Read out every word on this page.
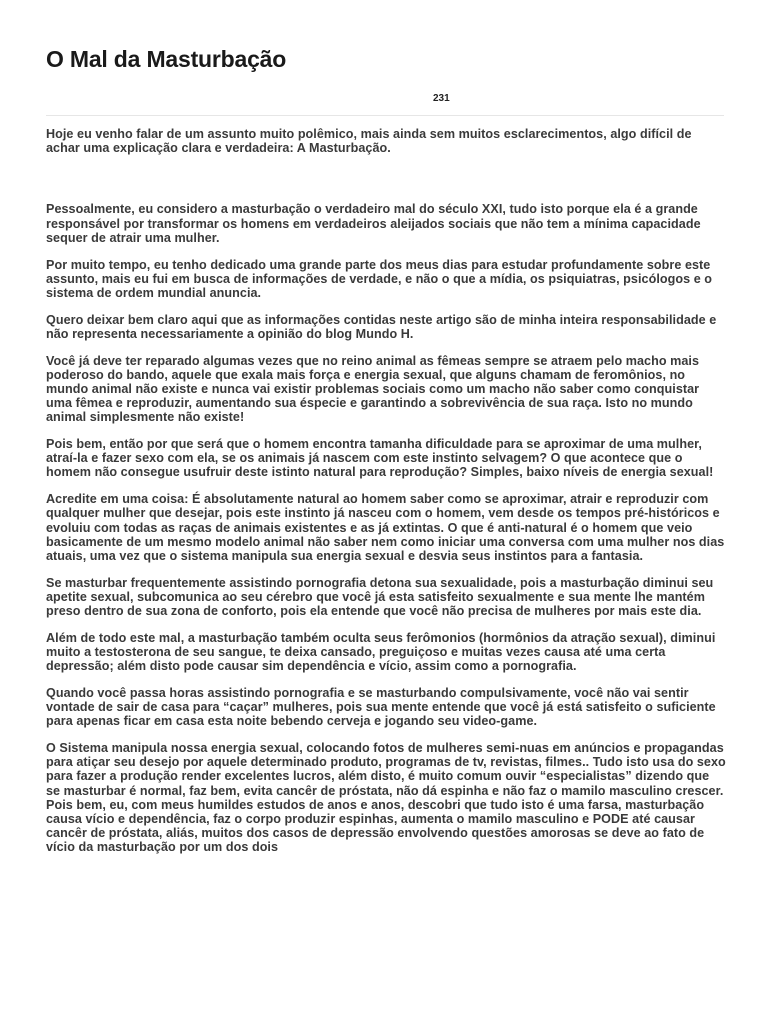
O Mal da Masturbação
231

Hoje eu venho falar de um assunto muito polêmico, mais ainda sem muitos esclarecimentos, algo difícil de achar uma explicação clara e verdadeira: A Masturbação.

Pessoalmente, eu considero a masturbação o verdadeiro mal do século XXI, tudo isto porque ela é a grande responsável por transformar os homens em verdadeiros aleijados sociais que não tem a mínima capacidade sequer de atrair uma mulher.

Por muito tempo, eu tenho dedicado uma grande parte dos meus dias para estudar profundamente sobre este assunto, mais eu fui em busca de informações de verdade, e não o que a mídia, os psiquiatras, psicólogos e o sistema de ordem mundial anuncia.

Quero deixar bem claro aqui que as informações contidas neste artigo são de minha inteira responsabilidade e não representa necessariamente a opinião do blog Mundo H.

Você já deve ter reparado algumas vezes que no reino animal as fêmeas sempre se atraem pelo macho mais poderoso do bando, aquele que exala mais força e energia sexual, que alguns chamam de feromônios, no mundo animal não existe e nunca vai existir problemas sociais como um macho não saber como conquistar uma fêmea e reproduzir, aumentando sua éspecie e garantindo a sobrevivência de sua raça. Isto no mundo animal simplesmente não existe!

Pois bem, então por que será que o homem encontra tamanha dificuldade para se aproximar de uma mulher, atraí-la e fazer sexo com ela, se os animais já nascem com este instinto selvagem? O que acontece que o homem não consegue usufruir deste istinto natural para reprodução? Simples, baixo níveis de energia sexual!

Acredite em uma coisa: É absolutamente natural ao homem saber como se aproximar, atrair e reproduzir com qualquer mulher que desejar, pois este instinto já nasceu com o homem, vem desde os tempos pré-históricos e evoluiu com todas as raças de animais existentes e as já extintas. O que é anti-natural é o homem que veio basicamente de um mesmo modelo animal não saber nem como iniciar uma conversa com uma mulher nos dias atuais, uma vez que o sistema manipula sua energia sexual e desvia seus instintos para a fantasia.

Se masturbar frequentemente assistindo pornografia detona sua sexualidade, pois a masturbação diminui seu apetite sexual, subcomunica ao seu cérebro que você já esta satisfeito sexualmente e sua mente lhe mantém preso dentro de sua zona de conforto, pois ela entende que você não precisa de mulheres por mais este dia.

Além de todo este mal, a masturbação também oculta seus ferômonios (hormônios da atração sexual), diminui muito a testosterona de seu sangue, te deixa cansado, preguiçoso e muitas vezes causa até uma certa depressão; além disto pode causar sim dependência e vício, assim como a pornografia.

Quando você passa horas assistindo pornografia e se masturbando compulsivamente, você não vai sentir vontade de sair de casa para “caçar” mulheres, pois sua mente entende que você já está satisfeito o suficiente para apenas ficar em casa esta noite bebendo cerveja e jogando seu video-game.

O Sistema manipula nossa energia sexual, colocando fotos de mulheres semi-nuas em anúncios e propagandas para atiçar seu desejo por aquele determinado produto, programas de tv, revistas, filmes.. Tudo isto usa do sexo para fazer a produção render excelentes lucros, além disto, é muito comum ouvir “especialistas” dizendo que se masturbar é normal, faz bem, evita cancêr de próstata, não dá espinha e não faz o mamilo masculino crescer. Pois bem, eu, com meus humildes estudos de anos e anos, descobri que tudo isto é uma farsa, masturbação causa vício e dependência, faz o corpo produzir espinhas, aumenta o mamilo masculino e PODE até causar cancêr de próstata, aliás, muitos dos casos de depressão envolvendo questões amorosas se deve ao fato de vício da masturbação por um dos dois
